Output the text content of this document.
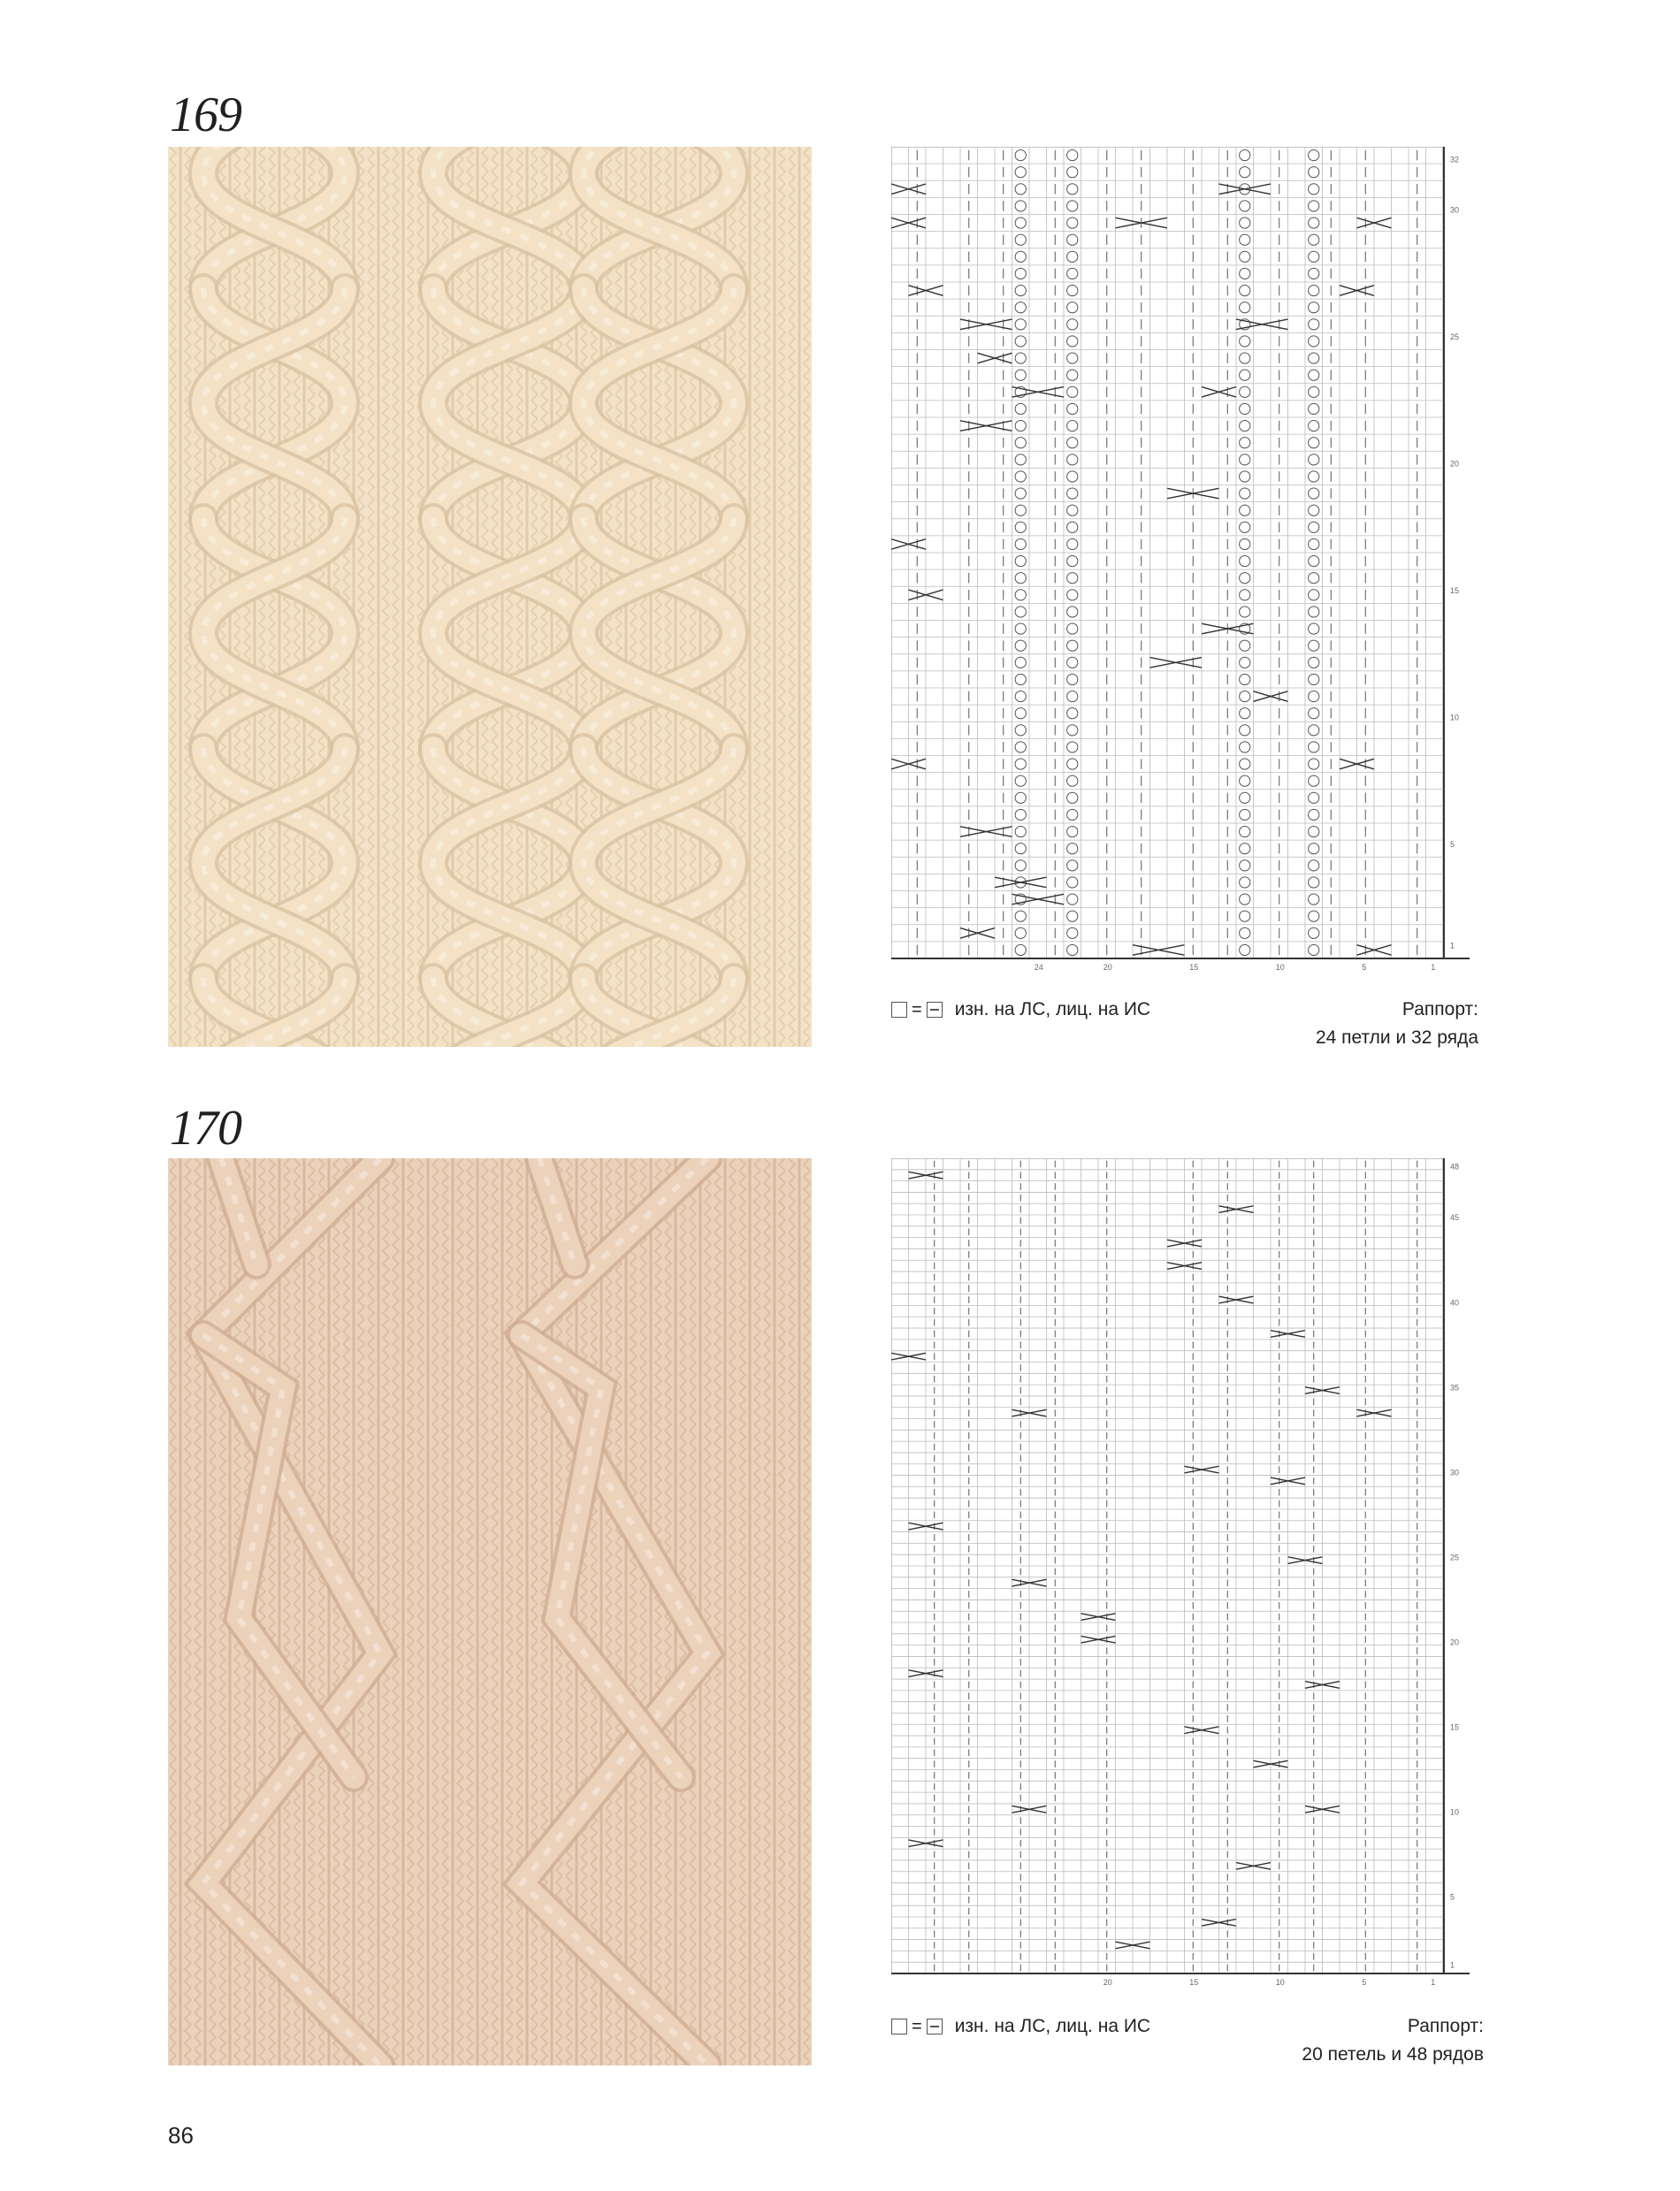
169
32
30
25
20
15
10
5
1
24	20	15	10	5	1
= изн. на ЛС, лиц. на ИС	Раппорт:
24 петли и 32 ряда
170
48
45
40
35
30
25
20
15
10
5
1
20	15	10	5	1
= изн. на ЛС, лиц. на ИС	Раппорт:
20 петель и 48 рядов
86
